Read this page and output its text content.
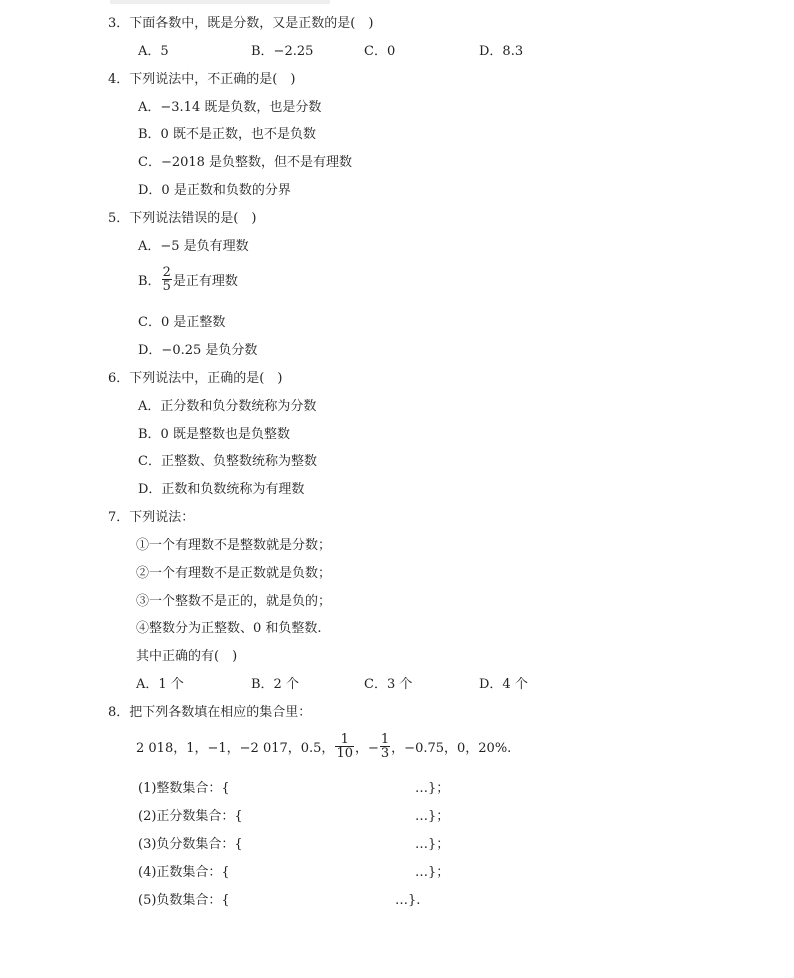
3．下面各数中，既是分数，又是正数的是(　)
A．5	B．−2.25	C．0	D．8.3
4．下列说法中，不正确的是(　)
A．−3.14 既是负数，也是分数
B．0 既不是正数，也不是负数
C．−2018 是负整数，但不是有理数
D．0 是正数和负数的分界
5．下列说法错误的是(　)
A．−5 是负有理数
B． $\frac{2}{5}$ 是正有理数
C．0 是正整数
D．−0.25 是负分数
6．下列说法中，正确的是(　)
A．正分数和负分数统称为分数
B．0 既是整数也是负整数
C．正整数、负整数统称为整数
D．正数和负数统称为有理数
7．下列说法：
①一个有理数不是整数就是分数；
②一个有理数不是正数就是负数；
③一个整数不是正的，就是负的；
④整数分为正整数、0 和负整数.
其中正确的有(　)
A．1 个	B．2 个	C．3 个	D．4 个
8．把下列各数填在相应的集合里：
2 018，1，−1，−2 017，0.5， $\frac{1}{10}$ ，− $\frac{1}{3}$ ，−0.75，0，20%.
(1)整数集合：{	…}；
(2)正分数集合：{	…}；
(3)负分数集合：{	…}；
(4)正数集合：{	…}；
(5)负数集合：{	…}.
